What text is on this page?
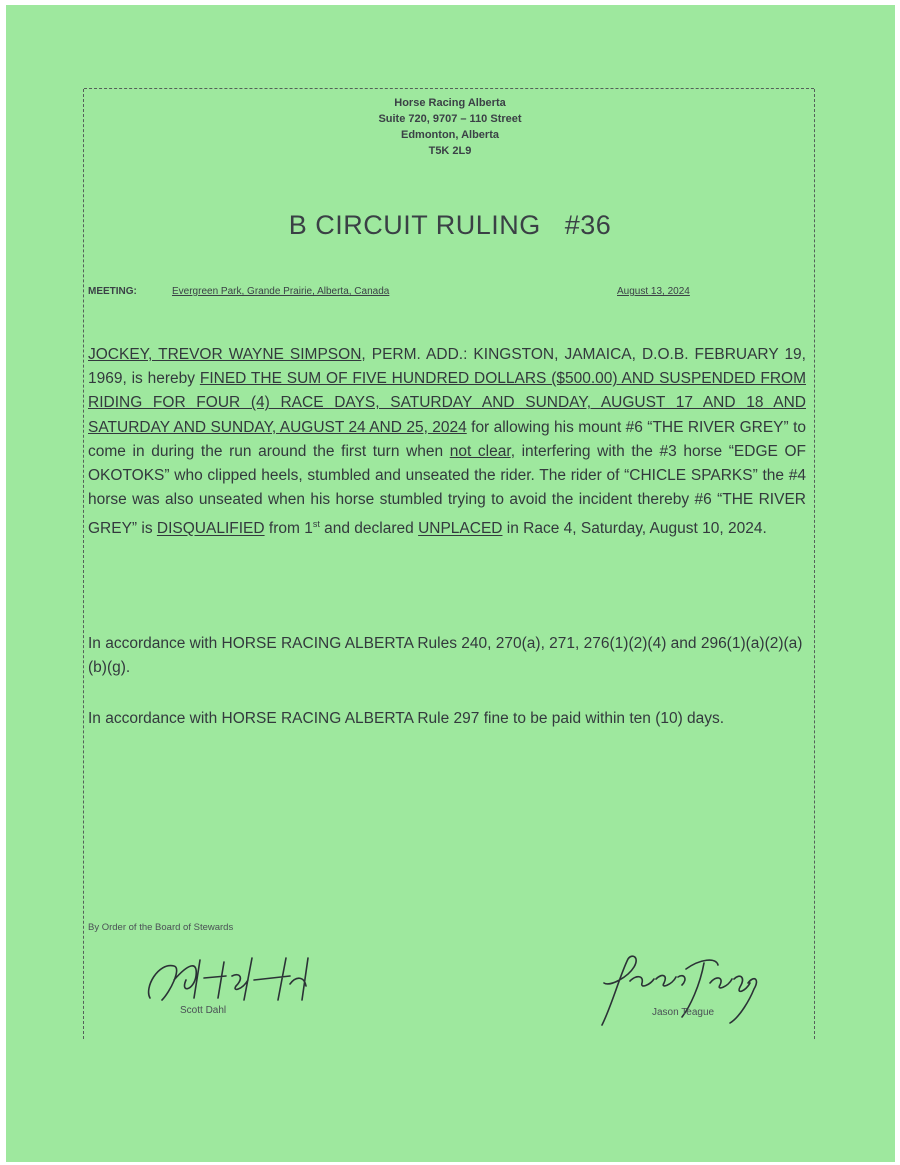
Horse Racing Alberta
Suite 720, 9707 – 110 Street
Edmonton, Alberta
T5K 2L9
B CIRCUIT RULING   #36
MEETING:	Evergreen Park, Grande Prairie, Alberta, Canada	August 13, 2024
JOCKEY, TREVOR WAYNE SIMPSON, PERM. ADD.: KINGSTON, JAMAICA, D.O.B. FEBRUARY 19, 1969, is hereby FINED THE SUM OF FIVE HUNDRED DOLLARS ($500.00) AND SUSPENDED FROM RIDING FOR FOUR (4) RACE DAYS, SATURDAY AND SUNDAY, AUGUST 17 AND 18 AND SATURDAY AND SUNDAY, AUGUST 24 AND 25, 2024 for allowing his mount #6 “THE RIVER GREY” to come in during the run around the first turn when not clear, interfering with the #3 horse “EDGE OF OKOTOKS” who clipped heels, stumbled and unseated the rider. The rider of “CHICLE SPARKS” the #4 horse was also unseated when his horse stumbled trying to avoid the incident thereby #6 “THE RIVER GREY” is DISQUALIFIED from 1st and declared UNPLACED in Race 4, Saturday, August 10, 2024.
In accordance with HORSE RACING ALBERTA Rules 240, 270(a), 271, 276(1)(2)(4) and 296(1)(a)(2)(a)(b)(g).
In accordance with HORSE RACING ALBERTA Rule 297 fine to be paid within ten (10) days.
By Order of the Board of Stewards
Scott Dahl	Jason Teague
